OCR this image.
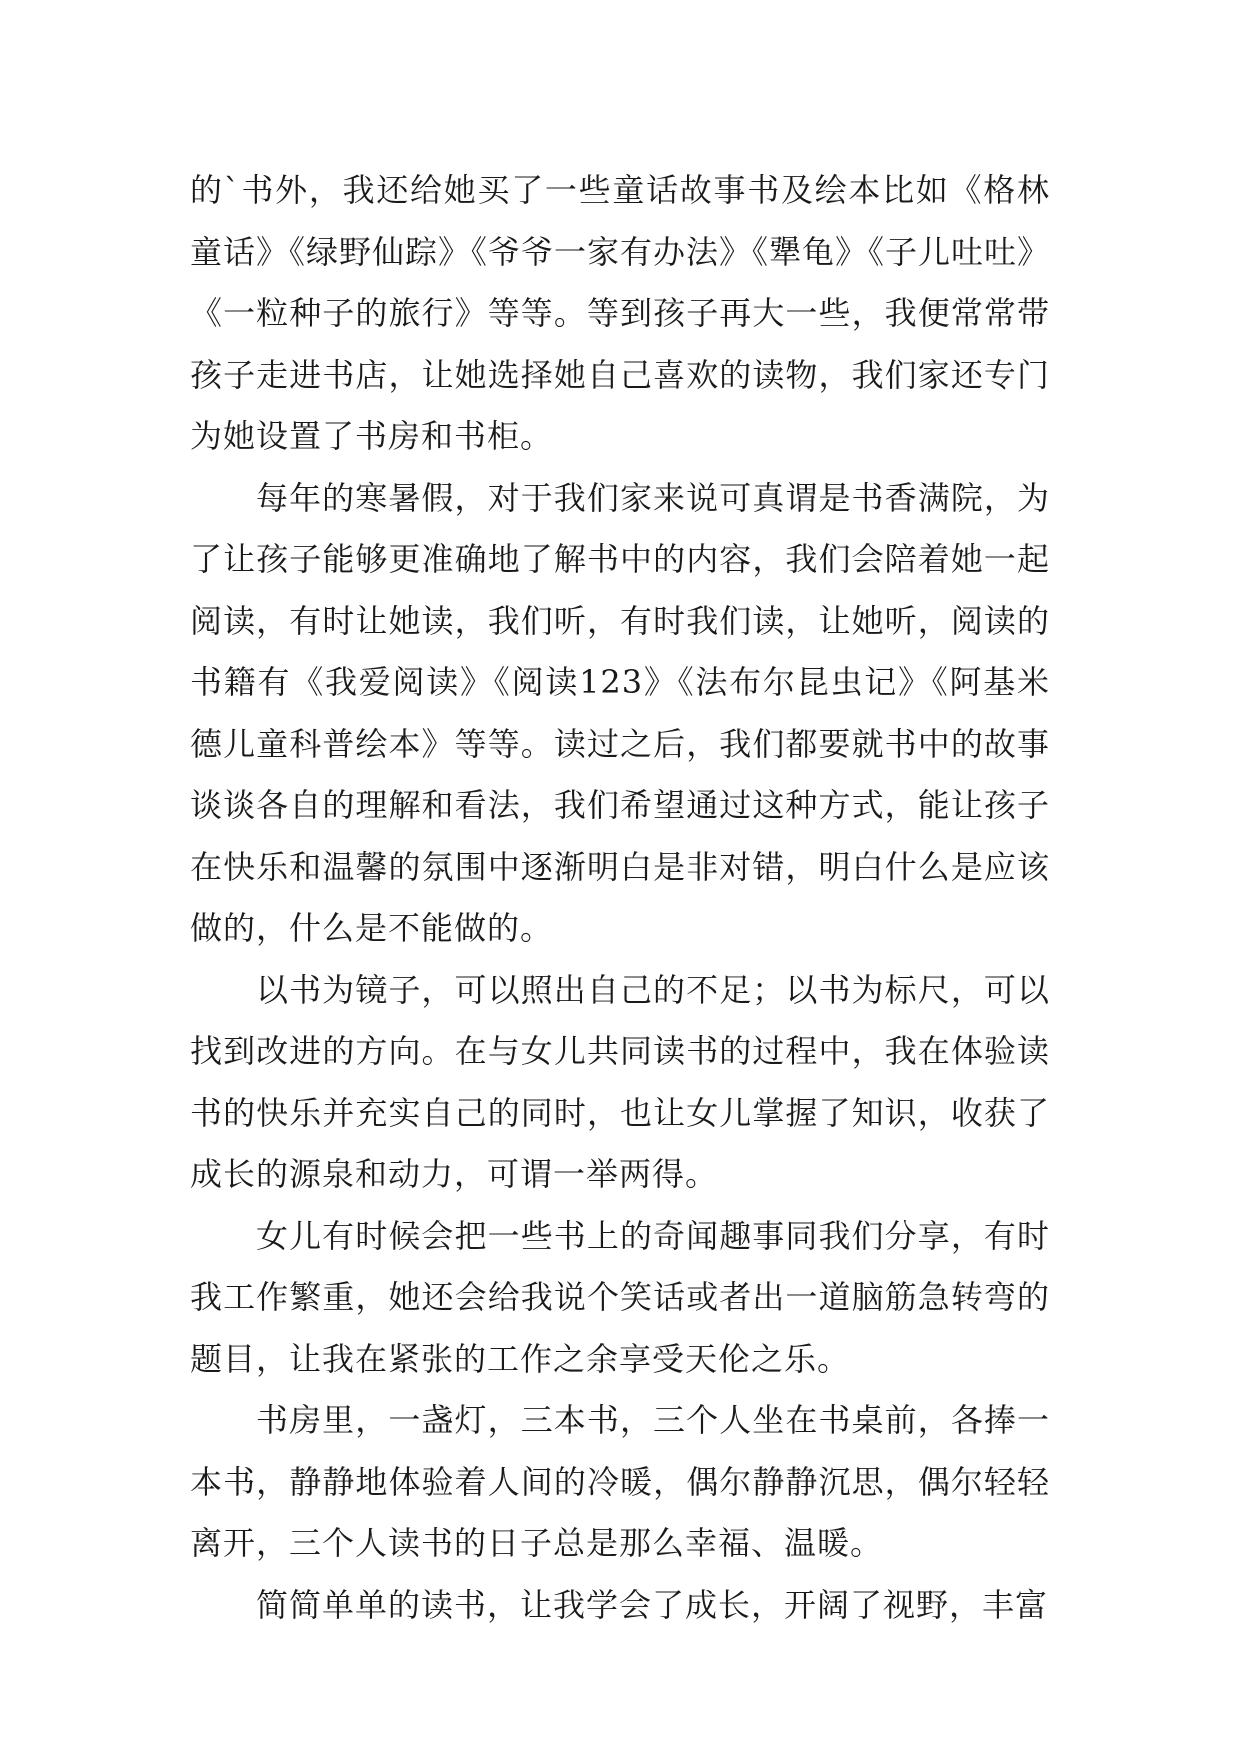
的`书外，我还给她买了一些童话故事书及绘本比如《格林童话》《绿野仙踪》《爷爷一家有办法》《犟龟》《子儿吐吐》《一粒种子的旅行》等等。等到孩子再大一些，我便常常带孩子走进书店，让她选择她自己喜欢的读物，我们家还专门为她设置了书房和书柜。

每年的寒暑假，对于我们家来说可真谓是书香满院，为了让孩子能够更准确地了解书中的内容，我们会陪着她一起阅读，有时让她读，我们听，有时我们读，让她听，阅读的书籍有《我爱阅读》《阅读123》《法布尔昆虫记》《阿基米德儿童科普绘本》等等。读过之后，我们都要就书中的故事谈谈各自的理解和看法，我们希望通过这种方式，能让孩子在快乐和温馨的氛围中逐渐明白是非对错，明白什么是应该做的，什么是不能做的。

以书为镜子，可以照出自己的不足；以书为标尺，可以找到改进的方向。在与女儿共同读书的过程中，我在体验读书的快乐并充实自己的同时，也让女儿掌握了知识，收获了成长的源泉和动力，可谓一举两得。

女儿有时候会把一些书上的奇闻趣事同我们分享，有时我工作繁重，她还会给我说个笑话或者出一道脑筋急转弯的题目，让我在紧张的工作之余享受天伦之乐。

书房里，一盏灯，三本书，三个人坐在书桌前，各捧一本书，静静地体验着人间的冷暖，偶尔静静沉思，偶尔轻轻离开，三个人读书的日子总是那么幸福、温暖。

简简单单的读书，让我学会了成长，开阔了视野，丰富
